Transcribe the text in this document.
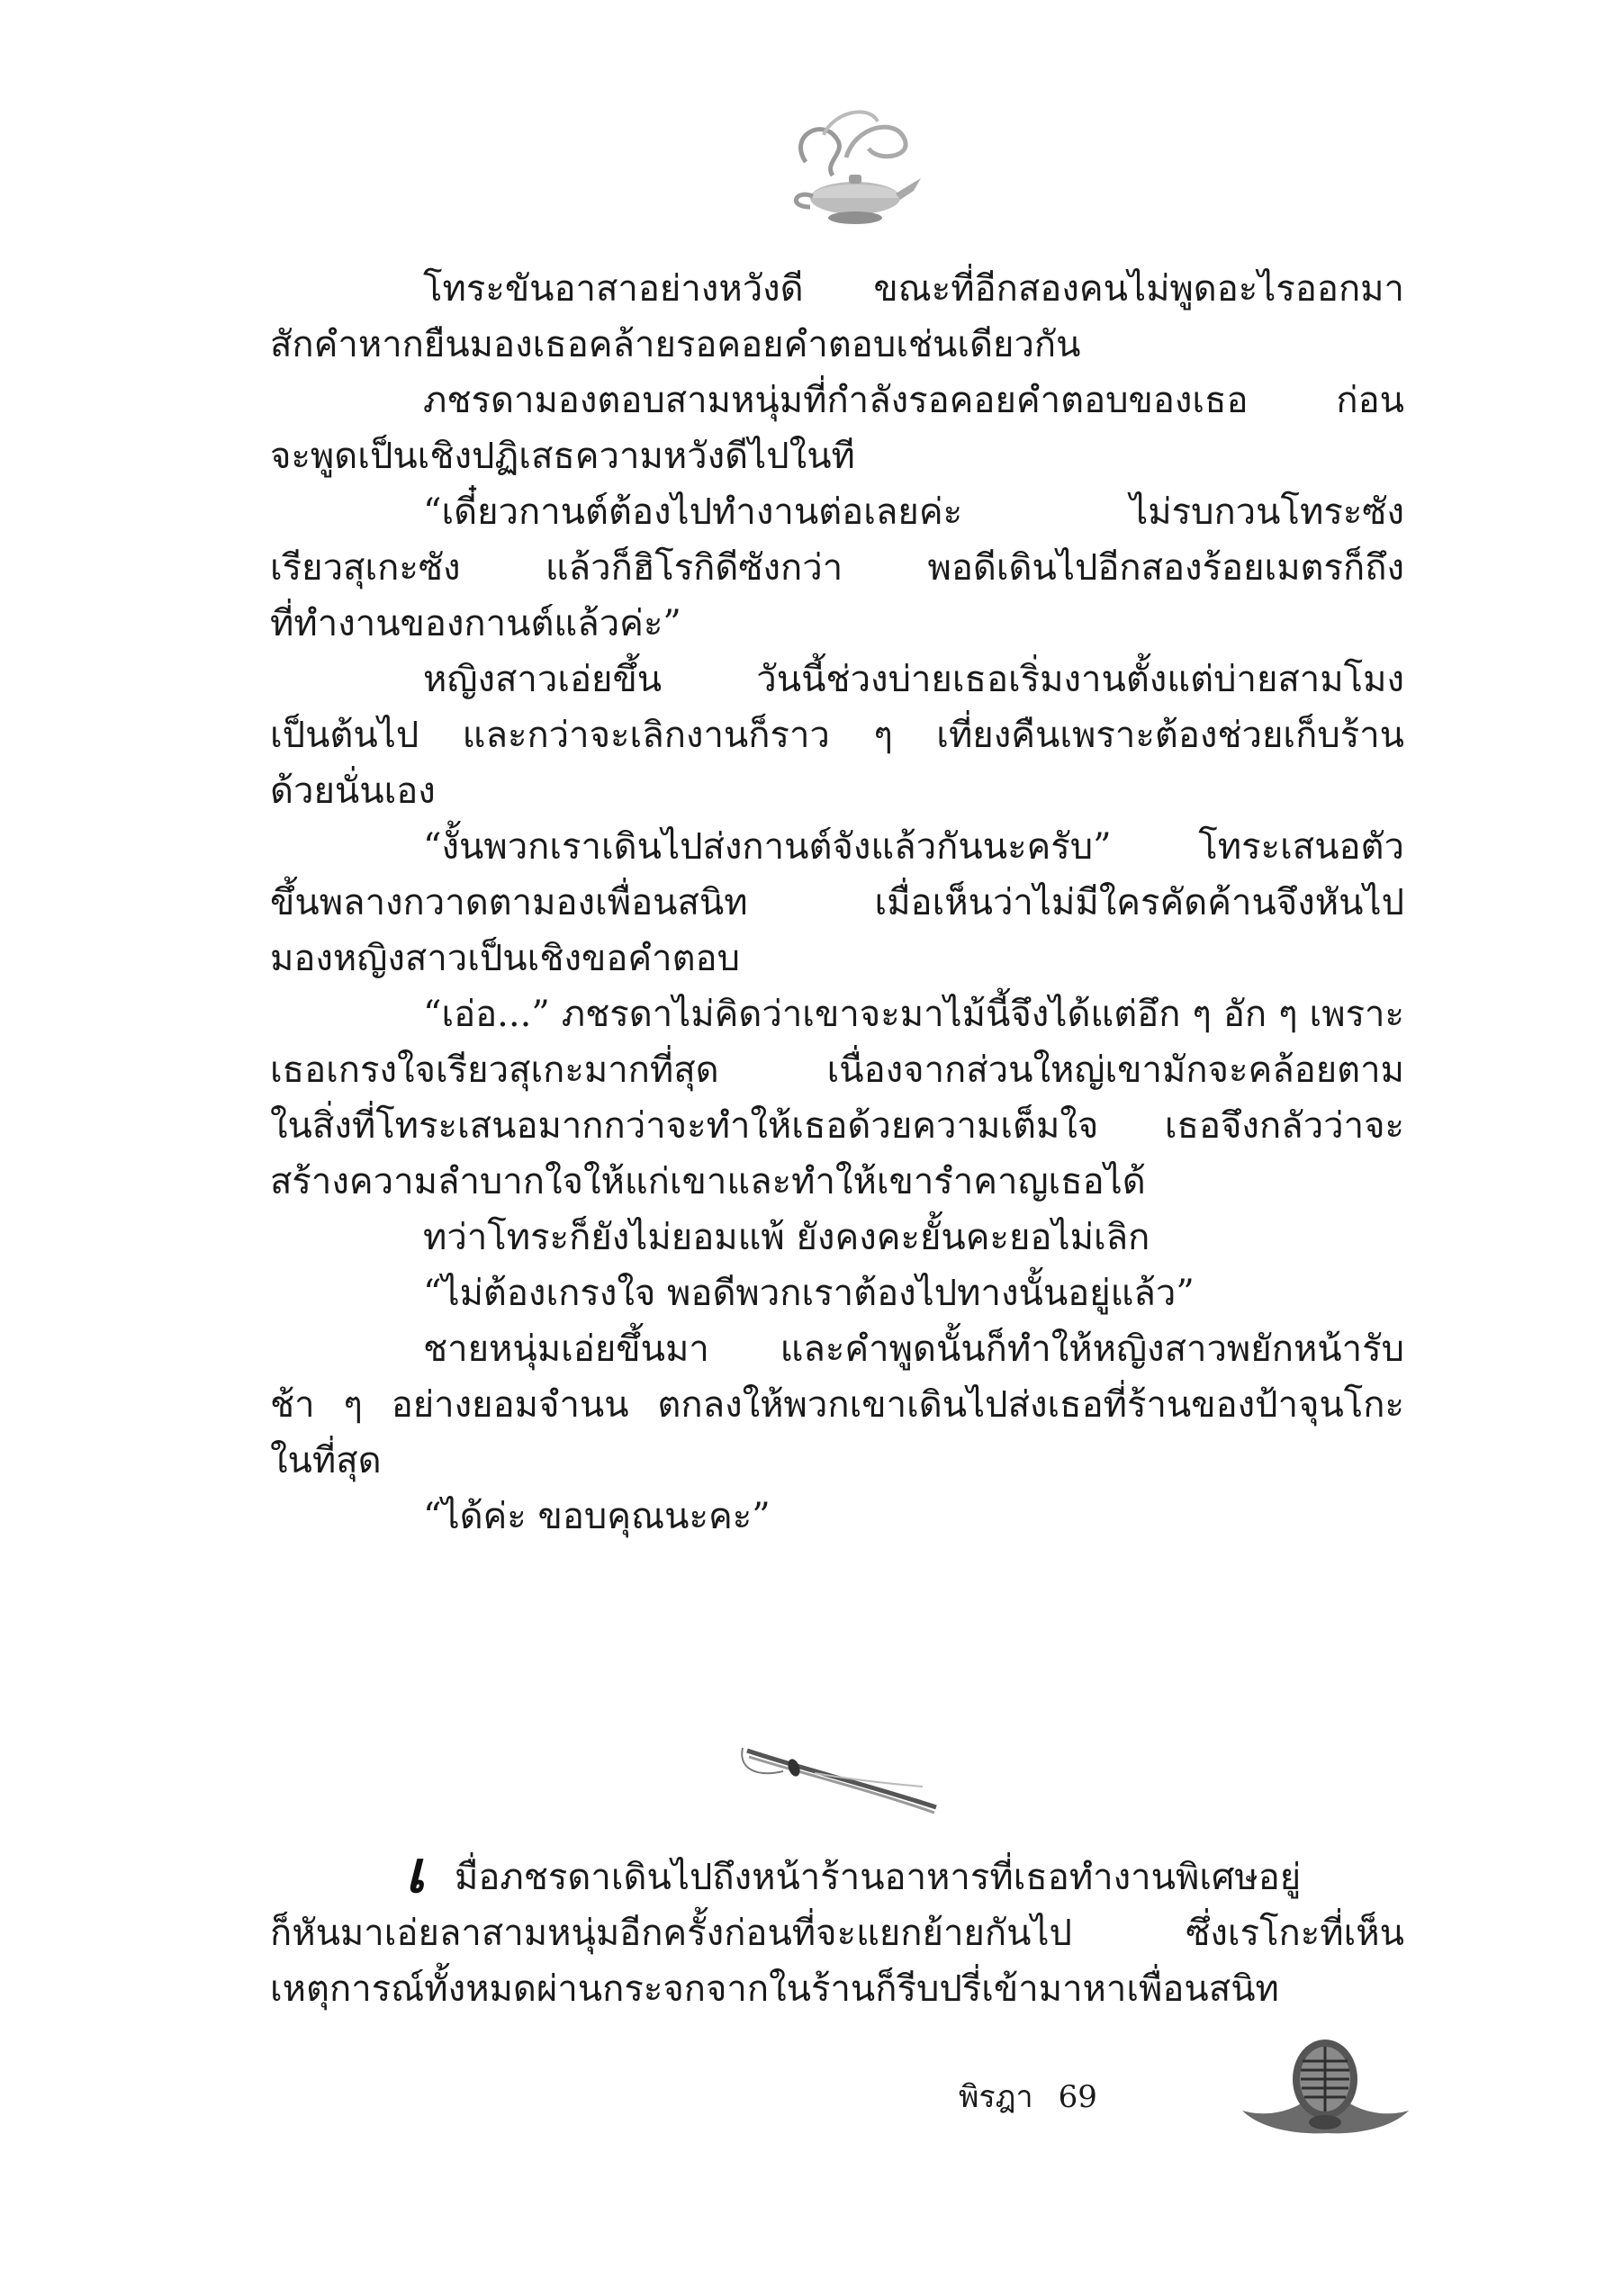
โทระขันอาสาอย่างหวังดี ขณะที่อีกสองคนไม่พูดอะไรออกมา
สักคำหากยืนมองเธอคล้ายรอคอยคำตอบเช่นเดียวกัน
ภชรดามองตอบสามหนุ่มที่กำลังรอคอยคำตอบของเธอ ก่อน
จะพูดเป็นเชิงปฏิเสธความหวังดีไปในที
“เดี๋ยวกานต์ต้องไปทำงานต่อเลยค่ะ ไม่รบกวนโทระซัง
เรียวสุเกะซัง แล้วก็ฮิโรกิดีซังกว่า พอดีเดินไปอีกสองร้อยเมตรก็ถึง
ที่ทำงานของกานต์แล้วค่ะ”
หญิงสาวเอ่ยขึ้น วันนี้ช่วงบ่ายเธอเริ่มงานตั้งแต่บ่ายสามโมง
เป็นต้นไป และกว่าจะเลิกงานก็ราว ๆ เที่ยงคืนเพราะต้องช่วยเก็บร้าน
ด้วยนั่นเอง
“งั้นพวกเราเดินไปส่งกานต์จังแล้วกันนะครับ” โทระเสนอตัว
ขึ้นพลางกวาดตามองเพื่อนสนิท เมื่อเห็นว่าไม่มีใครคัดค้านจึงหันไป
มองหญิงสาวเป็นเชิงขอคำตอบ
“เอ่อ...” ภชรดาไม่คิดว่าเขาจะมาไม้นี้จึงได้แต่อึก ๆ อัก ๆ เพราะ
เธอเกรงใจเรียวสุเกะมากที่สุด เนื่องจากส่วนใหญ่เขามักจะคล้อยตาม
ในสิ่งที่โทระเสนอมากกว่าจะทำให้เธอด้วยความเต็มใจ เธอจึงกลัวว่าจะ
สร้างความลำบากใจให้แก่เขาและทำให้เขารำคาญเธอได้
ทว่าโทระก็ยังไม่ยอมแพ้ ยังคงคะยั้นคะยอไม่เลิก
“ไม่ต้องเกรงใจ พอดีพวกเราต้องไปทางนั้นอยู่แล้ว”
ชายหนุ่มเอ่ยขึ้นมา และคำพูดนั้นก็ทำให้หญิงสาวพยักหน้ารับ
ช้า ๆ อย่างยอมจำนน ตกลงให้พวกเขาเดินไปส่งเธอที่ร้านของป้าจุนโกะ
ในที่สุด
“ได้ค่ะ ขอบคุณนะคะ”
เ มื่อภชรดาเดินไปถึงหน้าร้านอาหารที่เธอทำงานพิเศษอยู่
ก็หันมาเอ่ยลาสามหนุ่มอีกครั้งก่อนที่จะแยกย้ายกันไป ซึ่งเรโกะที่เห็น
เหตุการณ์ทั้งหมดผ่านกระจกจากในร้านก็รีบปรี่เข้ามาหาเพื่อนสนิท
พิรฎา 69
